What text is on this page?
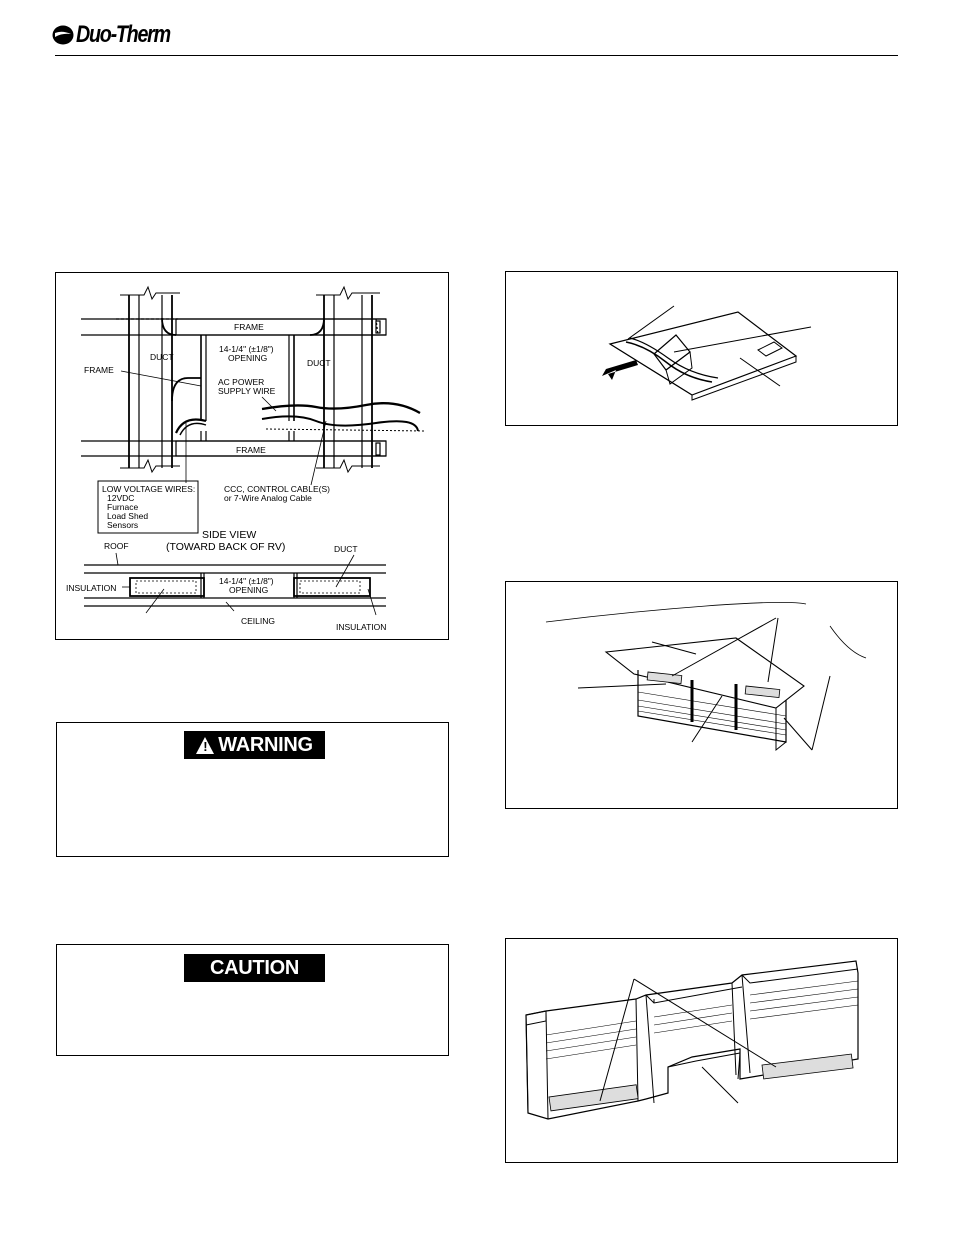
Duo-Therm
FRAME
14-1/4" (±1/8")
OPENING
DUCT
DUCT
FRAME
AC POWER
SUPPLY WIRE
FRAME
CCC, CONTROL CABLE(S)
or 7-Wire Analog Cable
LOW VOLTAGE WIRES:
12VDC
Furnace
Load Shed
Sensors
SIDE VIEW
(TOWARD BACK OF RV)
ROOF	DUCT
INSULATION
14-1/4" (±1/8")
OPENING
CEILING
INSULATION
! WARNING
CAUTION
